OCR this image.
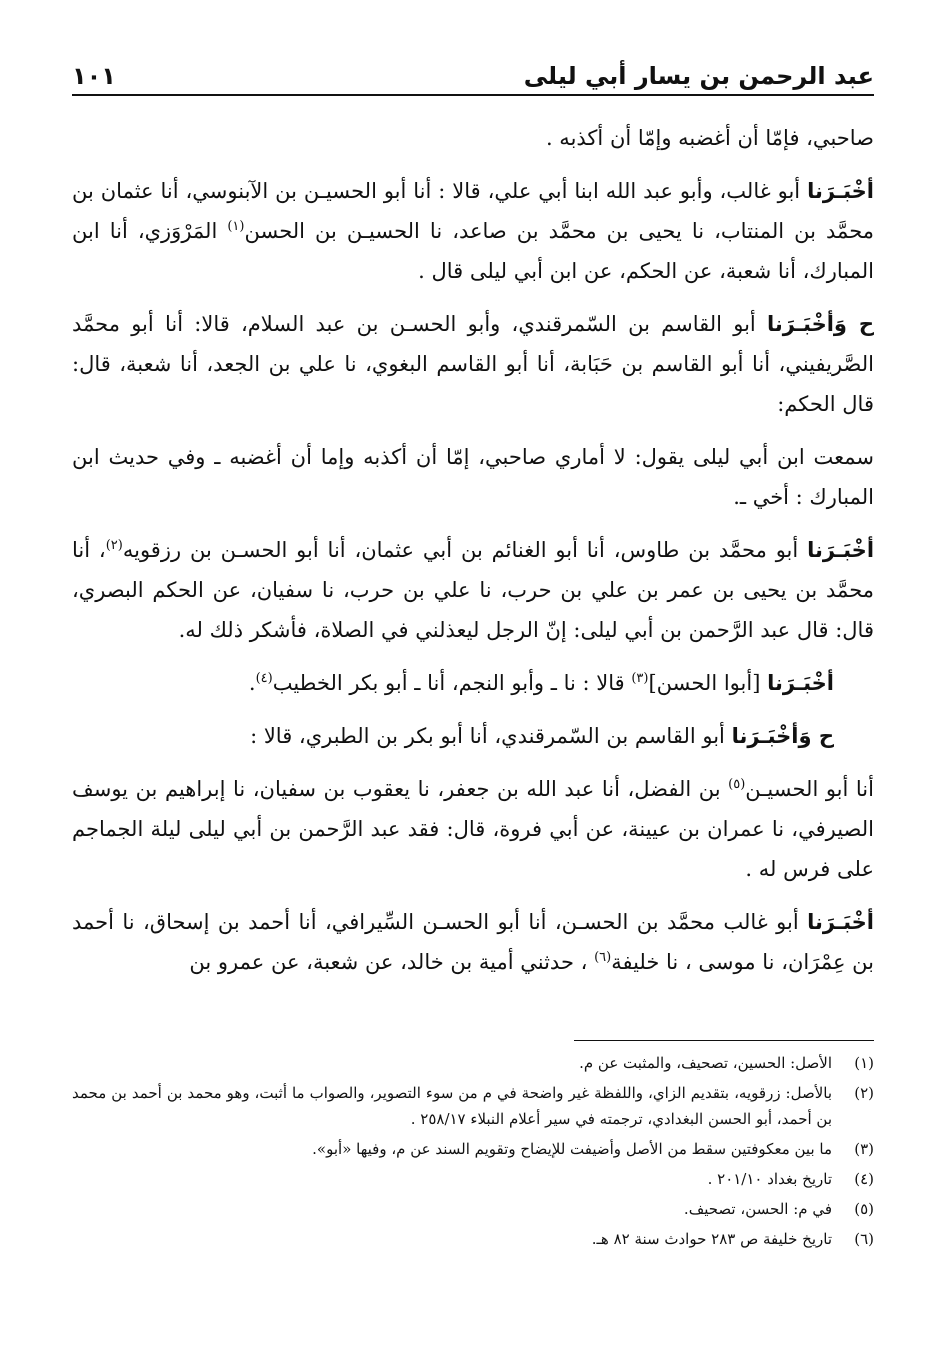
عبد الرحمن بن يسار أبي ليلى
١٠١

صاحبي، فإمّا أن أغضبه وإمّا أن أكذبه .

أخْبَـرَنا أبو غالب، وأبو عبد الله ابنا أبي علي، قالا : أنا أبو الحسيـن بن الآبنوسي، أنا عثمان بن محمَّد بن المنتاب، نا يحيى بن محمَّد بن صاعد، نا الحسيـن بن الحسن$^{(١)}$ المَرْوَزي، أنا ابن المبارك، أنا شعبة، عن الحكم، عن ابن أبي ليلى قال .

ح وَأخْبَـرَنا أبو القاسم بن السّمرقندي، وأبو الحسـن بن عبد السلام، قالا: أنا أبو محمَّد الصَّريفيني، أنا أبو القاسم بن حَبَابة، أنا أبو القاسم البغوي، نا علي بن الجعد، أنا شعبة، قال: قال الحكم:

سمعت ابن أبي ليلى يقول: لا أماري صاحبي، إمّا أن أكذبه وإما أن أغضبه ـ وفي حديث ابن المبارك : أخي ـ.

أخْبَـرَنا أبو محمَّد بن طاوس، أنا أبو الغنائم بن أبي عثمان، أنا أبو الحسـن بن رزقويه$^{(٢)}$، أنا محمَّد بن يحيى بن عمر بن علي بن حرب، نا علي بن حرب، نا سفيان، عن الحكم البصري، قال: قال عبد الرَّحمن بن أبي ليلى: إنّ الرجل ليعذلني في الصلاة، فأشكر ذلك له.

أخْبَـرَنا [أبوا الحسن]$^{(٣)}$ قالا : نا ـ وأبو النجم، أنا ـ أبو بكر الخطيب$^{(٤)}$.

ح وَأخْبَـرَنا أبو القاسم بن السّمرقندي، أنا أبو بكر بن الطبري، قالا :

أنا أبو الحسيـن$^{(٥)}$ بن الفضل، أنا عبد الله بن جعفر، نا يعقوب بن سفيان، نا إبراهيم بن يوسف الصيرفي، نا عمران بن عيينة، عن أبي فروة، قال: فقد عبد الرَّحمن بن أبي ليلى ليلة الجماجم على فرس له .

أخْبَـرَنا أبو غالب محمَّد بن الحسـن، أنا أبو الحسـن السِّيرافي، أنا أحمد بن إسحاق، نا أحمد بن عِمْرَان، نا موسى ، نا خليفة$^{(٦)}$ ، حدثني أمية بن خالد، عن شعبة، عن عمرو بن

(١)
الأصل: الحسين، تصحيف، والمثبت عن م.
(٢)
بالأصل: زرقويه، بتقديم الزاي، واللفظة غير واضحة في م من سوء التصوير، والصواب ما أثبت، وهو محمد بن أحمد بن محمد بن أحمد، أبو الحسن البغدادي، ترجمته في سير أعلام النبلاء ٢٥٨/١٧ .
(٣)
ما بين معكوفتين سقط من الأصل وأضيفت للإيضاح وتقويم السند عن م، وفيها «أبو».
(٤)
تاريخ بغداد ٢٠١/١٠ .
(٥)
في م: الحسن، تصحيف.
(٦)
تاريخ خليفة ص ٢٨٣ حوادث سنة ٨٢ هـ.
